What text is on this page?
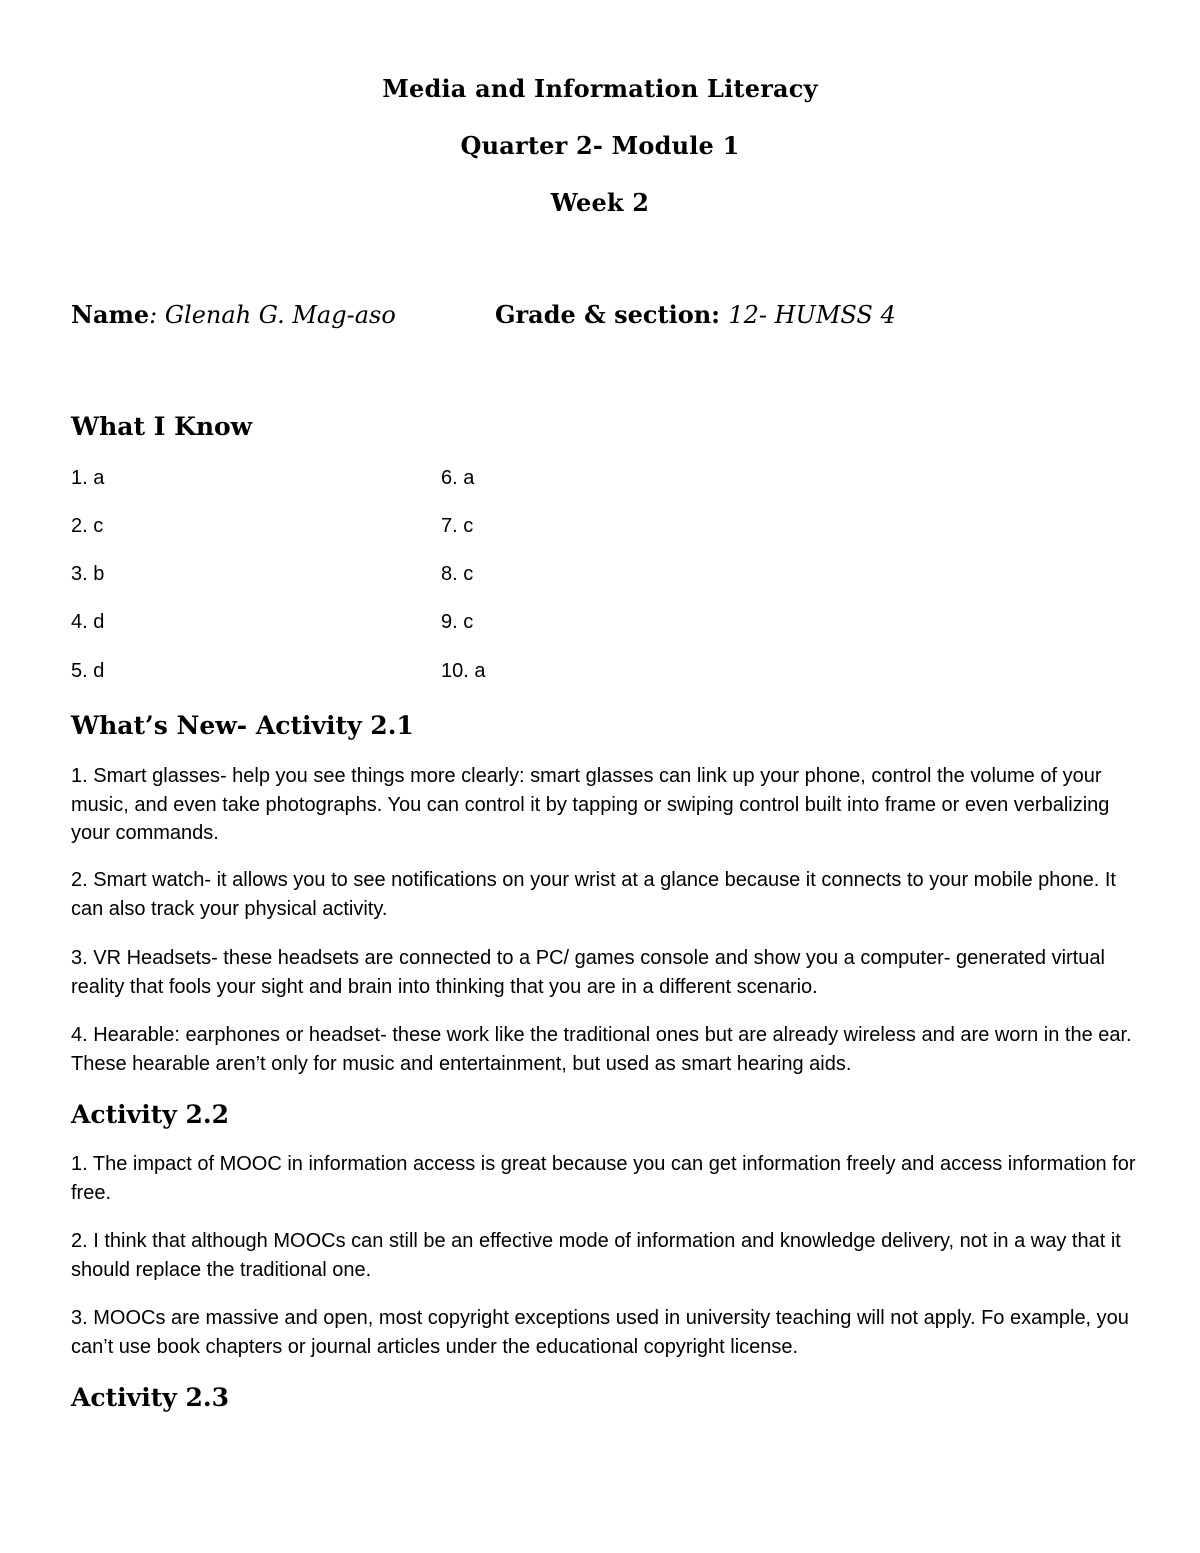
Media and Information Literacy
Quarter 2- Module 1
Week 2
Name: Glenah G. Mag-aso	Grade & section: 12- HUMSS 4
What I Know
1. a
2. c
3. b
4. d
5. d
6. a
7. c
8. c
9. c
10. a
What’s New- Activity 2.1

1. Smart glasses- help you see things more clearly: smart glasses can link up your phone, control the volume of your music, and even take photographs. You can control it by tapping or swiping control built into frame or even verbalizing your commands.

2. Smart watch- it allows you to see notifications on your wrist at a glance because it connects to your mobile phone. It can also track your physical activity.

3. VR Headsets- these headsets are connected to a PC/ games console and show you a computer- generated virtual reality that fools your sight and brain into thinking that you are in a different scenario.

4. Hearable: earphones or headset- these work like the traditional ones but are already wireless and are worn in the ear. These hearable aren’t only for music and entertainment, but used as smart hearing aids.

Activity 2.2

1. The impact of MOOC in information access is great because you can get information freely and access information for free.

2. I think that although MOOCs can still be an effective mode of information and knowledge delivery, not in a way that it should replace the traditional one.

3. MOOCs are massive and open, most copyright exceptions used in university teaching will not apply. Fo example, you can’t use book chapters or journal articles under the educational copyright license.

Activity 2.3
